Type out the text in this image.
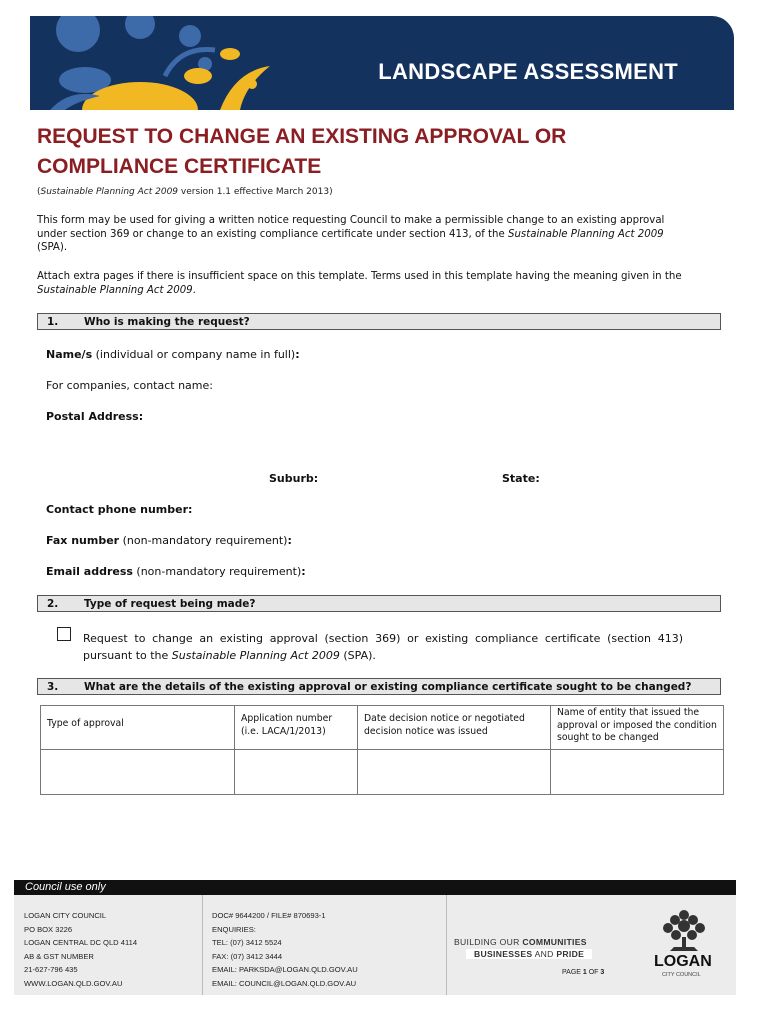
LANDSCAPE ASSESSMENT
REQUEST TO CHANGE AN EXISTING APPROVAL OR
COMPLIANCE CERTIFICATE
(Sustainable Planning Act 2009 version 1.1 effective March 2013)

This form may be used for giving a written notice requesting Council to make a permissible change to an existing approval under section 369 or change to an existing compliance certificate under section 413, of the Sustainable Planning Act 2009 (SPA).

Attach extra pages if there is insufficient space on this template. Terms used in this template having the meaning given in the Sustainable Planning Act 2009.

1. Who is making the request?
Name/s (individual or company name in full):
For companies, contact name:
Postal Address:
Suburb:	State:
Contact phone number:
Fax number (non-mandatory requirement):
Email address (non-mandatory requirement):
2. Type of request being made?
Request to change an existing approval (section 369) or existing compliance certificate (section 413) pursuant to the Sustainable Planning Act 2009 (SPA).
3. What are the details of the existing approval or existing compliance certificate sought to be changed?
Type of approval	Application number (i.e. LACA/1/2013)	Date decision notice or negotiated decision notice was issued	Name of entity that issued the approval or imposed the condition sought to be changed

Council use only
LOGAN CITY COUNCIL
PO BOX 3226
LOGAN CENTRAL DC QLD 4114
AB & GST NUMBER
21-627-796 435
WWW.LOGAN.QLD.GOV.AU
DOC# 9644200 / FILE# 870693-1
ENQUIRIES:
TEL: (07) 3412 5524
FAX: (07) 3412 3444
EMAIL: PARKSDA@LOGAN.QLD.GOV.AU
EMAIL: COUNCIL@LOGAN.QLD.GOV.AU
BUILDING OUR COMMUNITIES
BUSINESSES AND PRIDE
PAGE 1 OF 3
LOGAN
CITY COUNCIL
